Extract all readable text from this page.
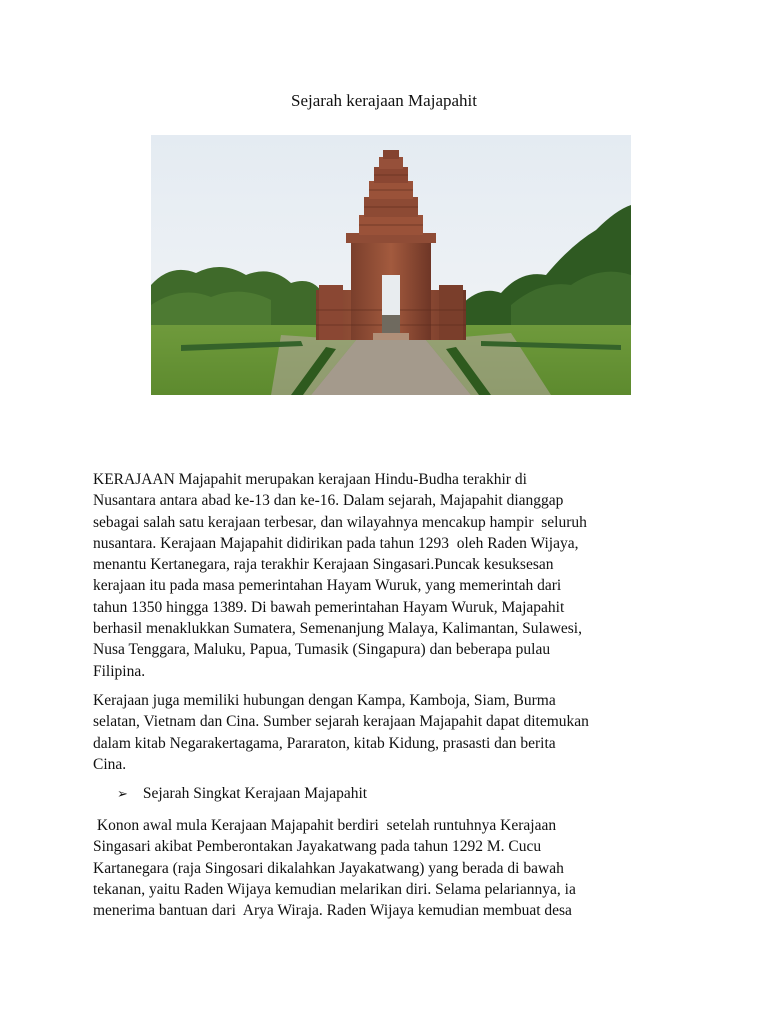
Sejarah kerajaan Majapahit

KERAJAAN Majapahit merupakan kerajaan Hindu-Budha terakhir di
Nusantara antara abad ke-13 dan ke-16. Dalam sejarah, Majapahit dianggap
sebagai salah satu kerajaan terbesar, dan wilayahnya mencakup hampir  seluruh
nusantara. Kerajaan Majapahit didirikan pada tahun 1293  oleh Raden Wijaya,
menantu Kertanegara, raja terakhir Kerajaan Singasari.Puncak kesuksesan
kerajaan itu pada masa pemerintahan Hayam Wuruk, yang memerintah dari
tahun 1350 hingga 1389. Di bawah pemerintahan Hayam Wuruk, Majapahit
berhasil menaklukkan Sumatera, Semenanjung Malaya, Kalimantan, Sulawesi,
Nusa Tenggara, Maluku, Papua, Tumasik (Singapura) dan beberapa pulau
Filipina.

Kerajaan juga memiliki hubungan dengan Kampa, Kamboja, Siam, Burma
selatan, Vietnam dan Cina. Sumber sejarah kerajaan Majapahit dapat ditemukan
dalam kitab Negarakertagama, Pararaton, kitab Kidung, prasasti dan berita
Cina.

➢ Sejarah Singkat Kerajaan Majapahit

Konon awal mula Kerajaan Majapahit berdiri  setelah runtuhnya Kerajaan
Singasari akibat Pemberontakan Jayakatwang pada tahun 1292 M. Cucu
Kartanegara (raja Singosari dikalahkan Jayakatwang) yang berada di bawah
tekanan, yaitu Raden Wijaya kemudian melarikan diri. Selama pelariannya, ia
menerima bantuan dari  Arya Wiraja. Raden Wijaya kemudian membuat desa
